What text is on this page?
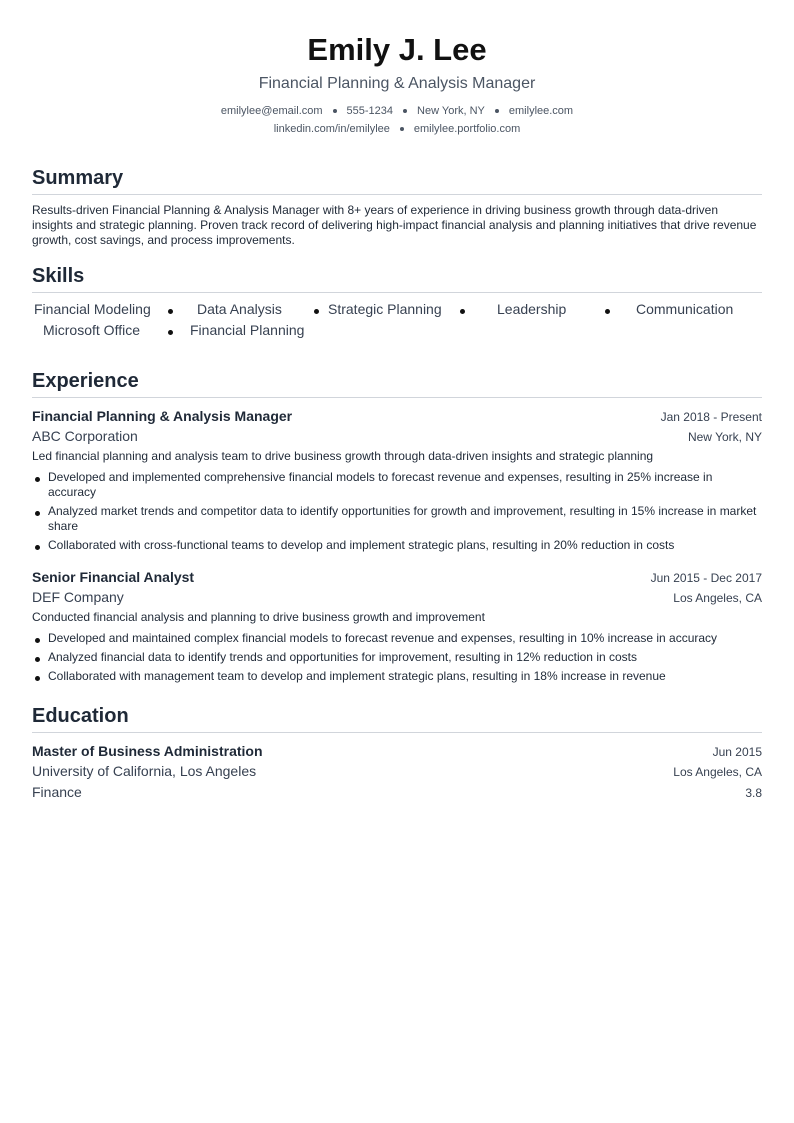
Emily J. Lee
Financial Planning & Analysis Manager
emilylee@email.com 555-1234 New York, NY emilylee.com
linkedin.com/in/emilylee emilylee.portfolio.com
Summary
Results-driven Financial Planning & Analysis Manager with 8+ years of experience in driving business growth through data-driven insights and strategic planning. Proven track record of delivering high-impact financial analysis and planning initiatives that drive revenue growth, cost savings, and process improvements.
Skills
Financial Modeling	Data Analysis	Strategic Planning	Leadership	Communication
Microsoft Office	Financial Planning
Experience
Financial Planning & Analysis Manager	Jan 2018 - Present
ABC Corporation	New York, NY
Led financial planning and analysis team to drive business growth through data-driven insights and strategic planning
Developed and implemented comprehensive financial models to forecast revenue and expenses, resulting in 25% increase in accuracy
Analyzed market trends and competitor data to identify opportunities for growth and improvement, resulting in 15% increase in market share
Collaborated with cross-functional teams to develop and implement strategic plans, resulting in 20% reduction in costs
Senior Financial Analyst	Jun 2015 - Dec 2017
DEF Company	Los Angeles, CA
Conducted financial analysis and planning to drive business growth and improvement
Developed and maintained complex financial models to forecast revenue and expenses, resulting in 10% increase in accuracy
Analyzed financial data to identify trends and opportunities for improvement, resulting in 12% reduction in costs
Collaborated with management team to develop and implement strategic plans, resulting in 18% increase in revenue
Education
Master of Business Administration	Jun 2015
University of California, Los Angeles	Los Angeles, CA
Finance	3.8
